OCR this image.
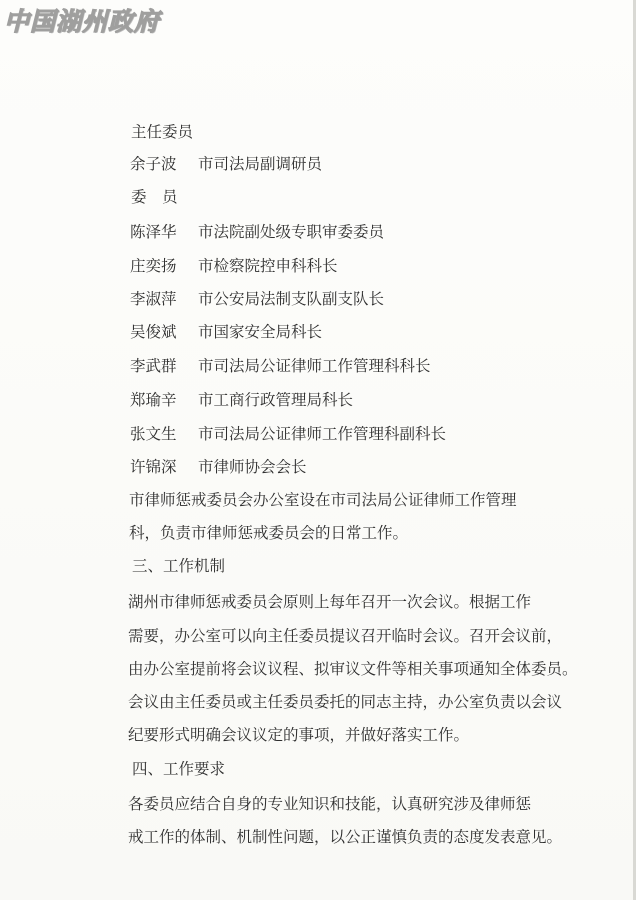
中国湖州政府
主任委员
余子波 市司法局副调研员
委　员
陈泽华 市法院副处级专职审委委员
庄奕扬 市检察院控申科科长
李淑萍 市公安局法制支队副支队长
吴俊斌 市国家安全局科长
李武群 市司法局公证律师工作管理科科长
郑瑜辛 市工商行政管理局科长
张文生 市司法局公证律师工作管理科副科长
许锦深 市律师协会会长
市律师惩戒委员会办公室设在市司法局公证律师工作管理
科，负责市律师惩戒委员会的日常工作。
三、工作机制
湖州市律师惩戒委员会原则上每年召开一次会议。根据工作
需要，办公室可以向主任委员提议召开临时会议。召开会议前，
由办公室提前将会议议程、拟审议文件等相关事项通知全体委员。
会议由主任委员或主任委员委托的同志主持，办公室负责以会议
纪要形式明确会议议定的事项，并做好落实工作。
四、工作要求
各委员应结合自身的专业知识和技能，认真研究涉及律师惩
戒工作的体制、机制性问题，以公正谨慎负责的态度发表意见。
